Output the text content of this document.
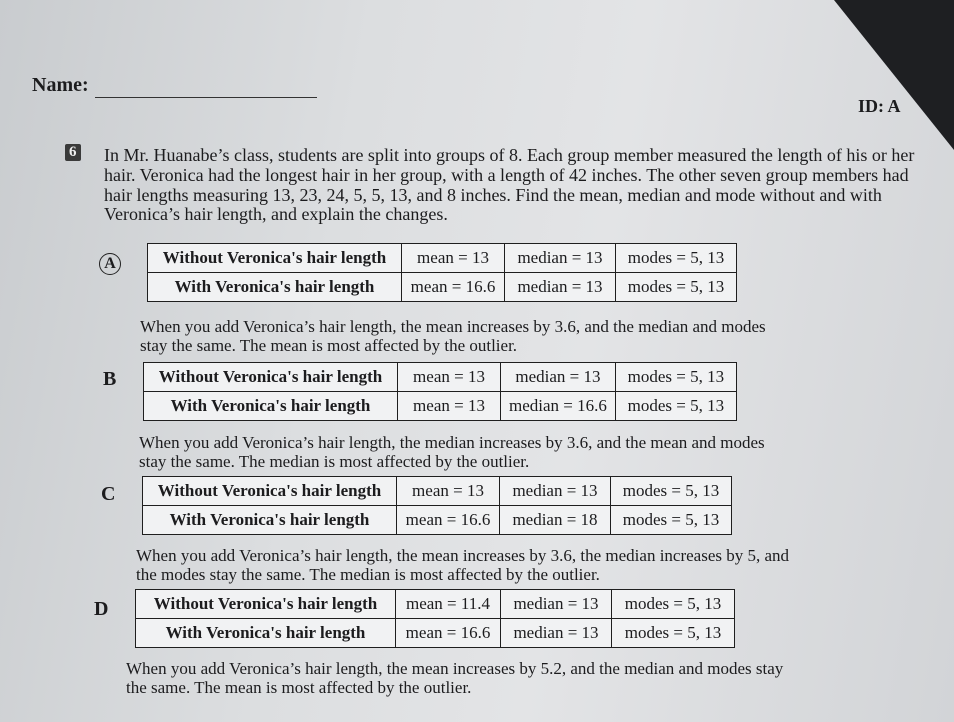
Name:
ID: A
6 In Mr. Huanabe’s class, students are split into groups of 8. Each group member measured the length of his or her hair. Veronica had the longest hair in her group, with a length of 42 inches. The other seven group members had hair lengths measuring 13, 23, 24, 5, 5, 13, and 8 inches. Find the mean, median and mode without and with Veronica’s hair length, and explain the changes.
A	Without Veronica's hair length	mean = 13	median = 13	modes = 5, 13
With Veronica's hair length	mean = 16.6	median = 13	modes = 5, 13
When you add Veronica’s hair length, the mean increases by 3.6, and the median and modes stay the same. The mean is most affected by the outlier.
B Without Veronica's hair length	mean = 13	median = 13	modes = 5, 13
With Veronica's hair length	mean = 13	median = 16.6	modes = 5, 13
When you add Veronica’s hair length, the median increases by 3.6, and the mean and modes stay the same. The median is most affected by the outlier.
C Without Veronica's hair length	mean = 13	median = 13	modes = 5, 13
With Veronica's hair length	mean = 16.6	median = 18	modes = 5, 13
When you add Veronica’s hair length, the mean increases by 3.6, the median increases by 5, and the modes stay the same. The median is most affected by the outlier.
D	Without Veronica's hair length	mean = 11.4	median = 13	modes = 5, 13
With Veronica's hair length	mean = 16.6	median = 13	modes = 5, 13
When you add Veronica’s hair length, the mean increases by 5.2, and the median and modes stay the same. The mean is most affected by the outlier.
